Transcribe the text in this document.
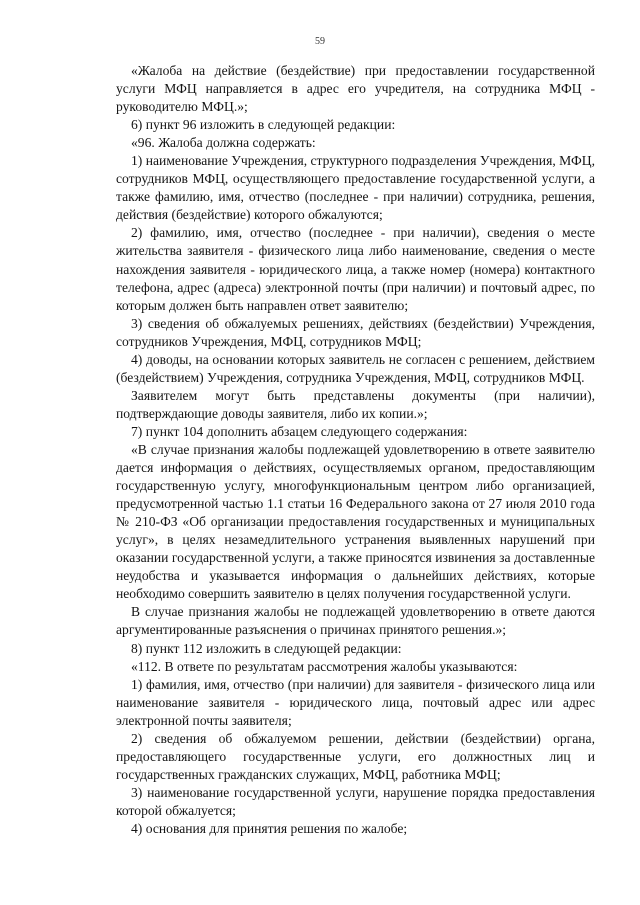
59

«Жалоба на действие (бездействие) при предоставлении государственной услуги МФЦ направляется в адрес его учредителя, на сотрудника МФЦ - руководителю МФЦ.»;

6) пункт 96 изложить в следующей редакции:

«96. Жалоба должна содержать:

1) наименование Учреждения, структурного подразделения Учреждения, МФЦ, сотрудников МФЦ, осуществляющего предоставление государственной услуги, а также фамилию, имя, отчество (последнее - при наличии) сотрудника, решения, действия (бездействие) которого обжалуются;

2) фамилию, имя, отчество (последнее - при наличии), сведения о месте жительства заявителя - физического лица либо наименование, сведения о месте нахождения заявителя - юридического лица, а также номер (номера) контактного телефона, адрес (адреса) электронной почты (при наличии) и почтовый адрес, по которым должен быть направлен ответ заявителю;

3) сведения об обжалуемых решениях, действиях (бездействии) Учреждения, сотрудников Учреждения, МФЦ, сотрудников МФЦ;

4) доводы, на основании которых заявитель не согласен с решением, действием (бездействием) Учреждения, сотрудника Учреждения, МФЦ, сотрудников МФЦ.

Заявителем могут быть представлены документы (при наличии), подтверждающие доводы заявителя, либо их копии.»;

7) пункт 104 дополнить абзацем следующего содержания:

«В случае признания жалобы подлежащей удовлетворению в ответе заявителю дается информация о действиях, осуществляемых органом, предоставляющим государственную услугу, многофункциональным центром либо организацией, предусмотренной частью 1.1 статьи 16 Федерального закона от 27 июля 2010 года № 210-ФЗ «Об организации предоставления государственных и муниципальных услуг», в целях незамедлительного устранения выявленных нарушений при оказании государственной услуги, а также приносятся извинения за доставленные неудобства и указывается информация о дальнейших действиях, которые необходимо совершить заявителю в целях получения государственной услуги.

В случае признания жалобы не подлежащей удовлетворению в ответе даются аргументированные разъяснения о причинах принятого решения.»;

8) пункт 112 изложить в следующей редакции:

«112. В ответе по результатам рассмотрения жалобы указываются:

1) фамилия, имя, отчество (при наличии) для заявителя - физического лица или наименование заявителя - юридического лица, почтовый адрес или адрес электронной почты заявителя;

2) сведения об обжалуемом решении, действии (бездействии) органа, предоставляющего государственные услуги, его должностных лиц и государственных гражданских служащих, МФЦ, работника МФЦ;

3) наименование государственной услуги, нарушение порядка предоставления которой обжалуется;

4) основания для принятия решения по жалобе;
